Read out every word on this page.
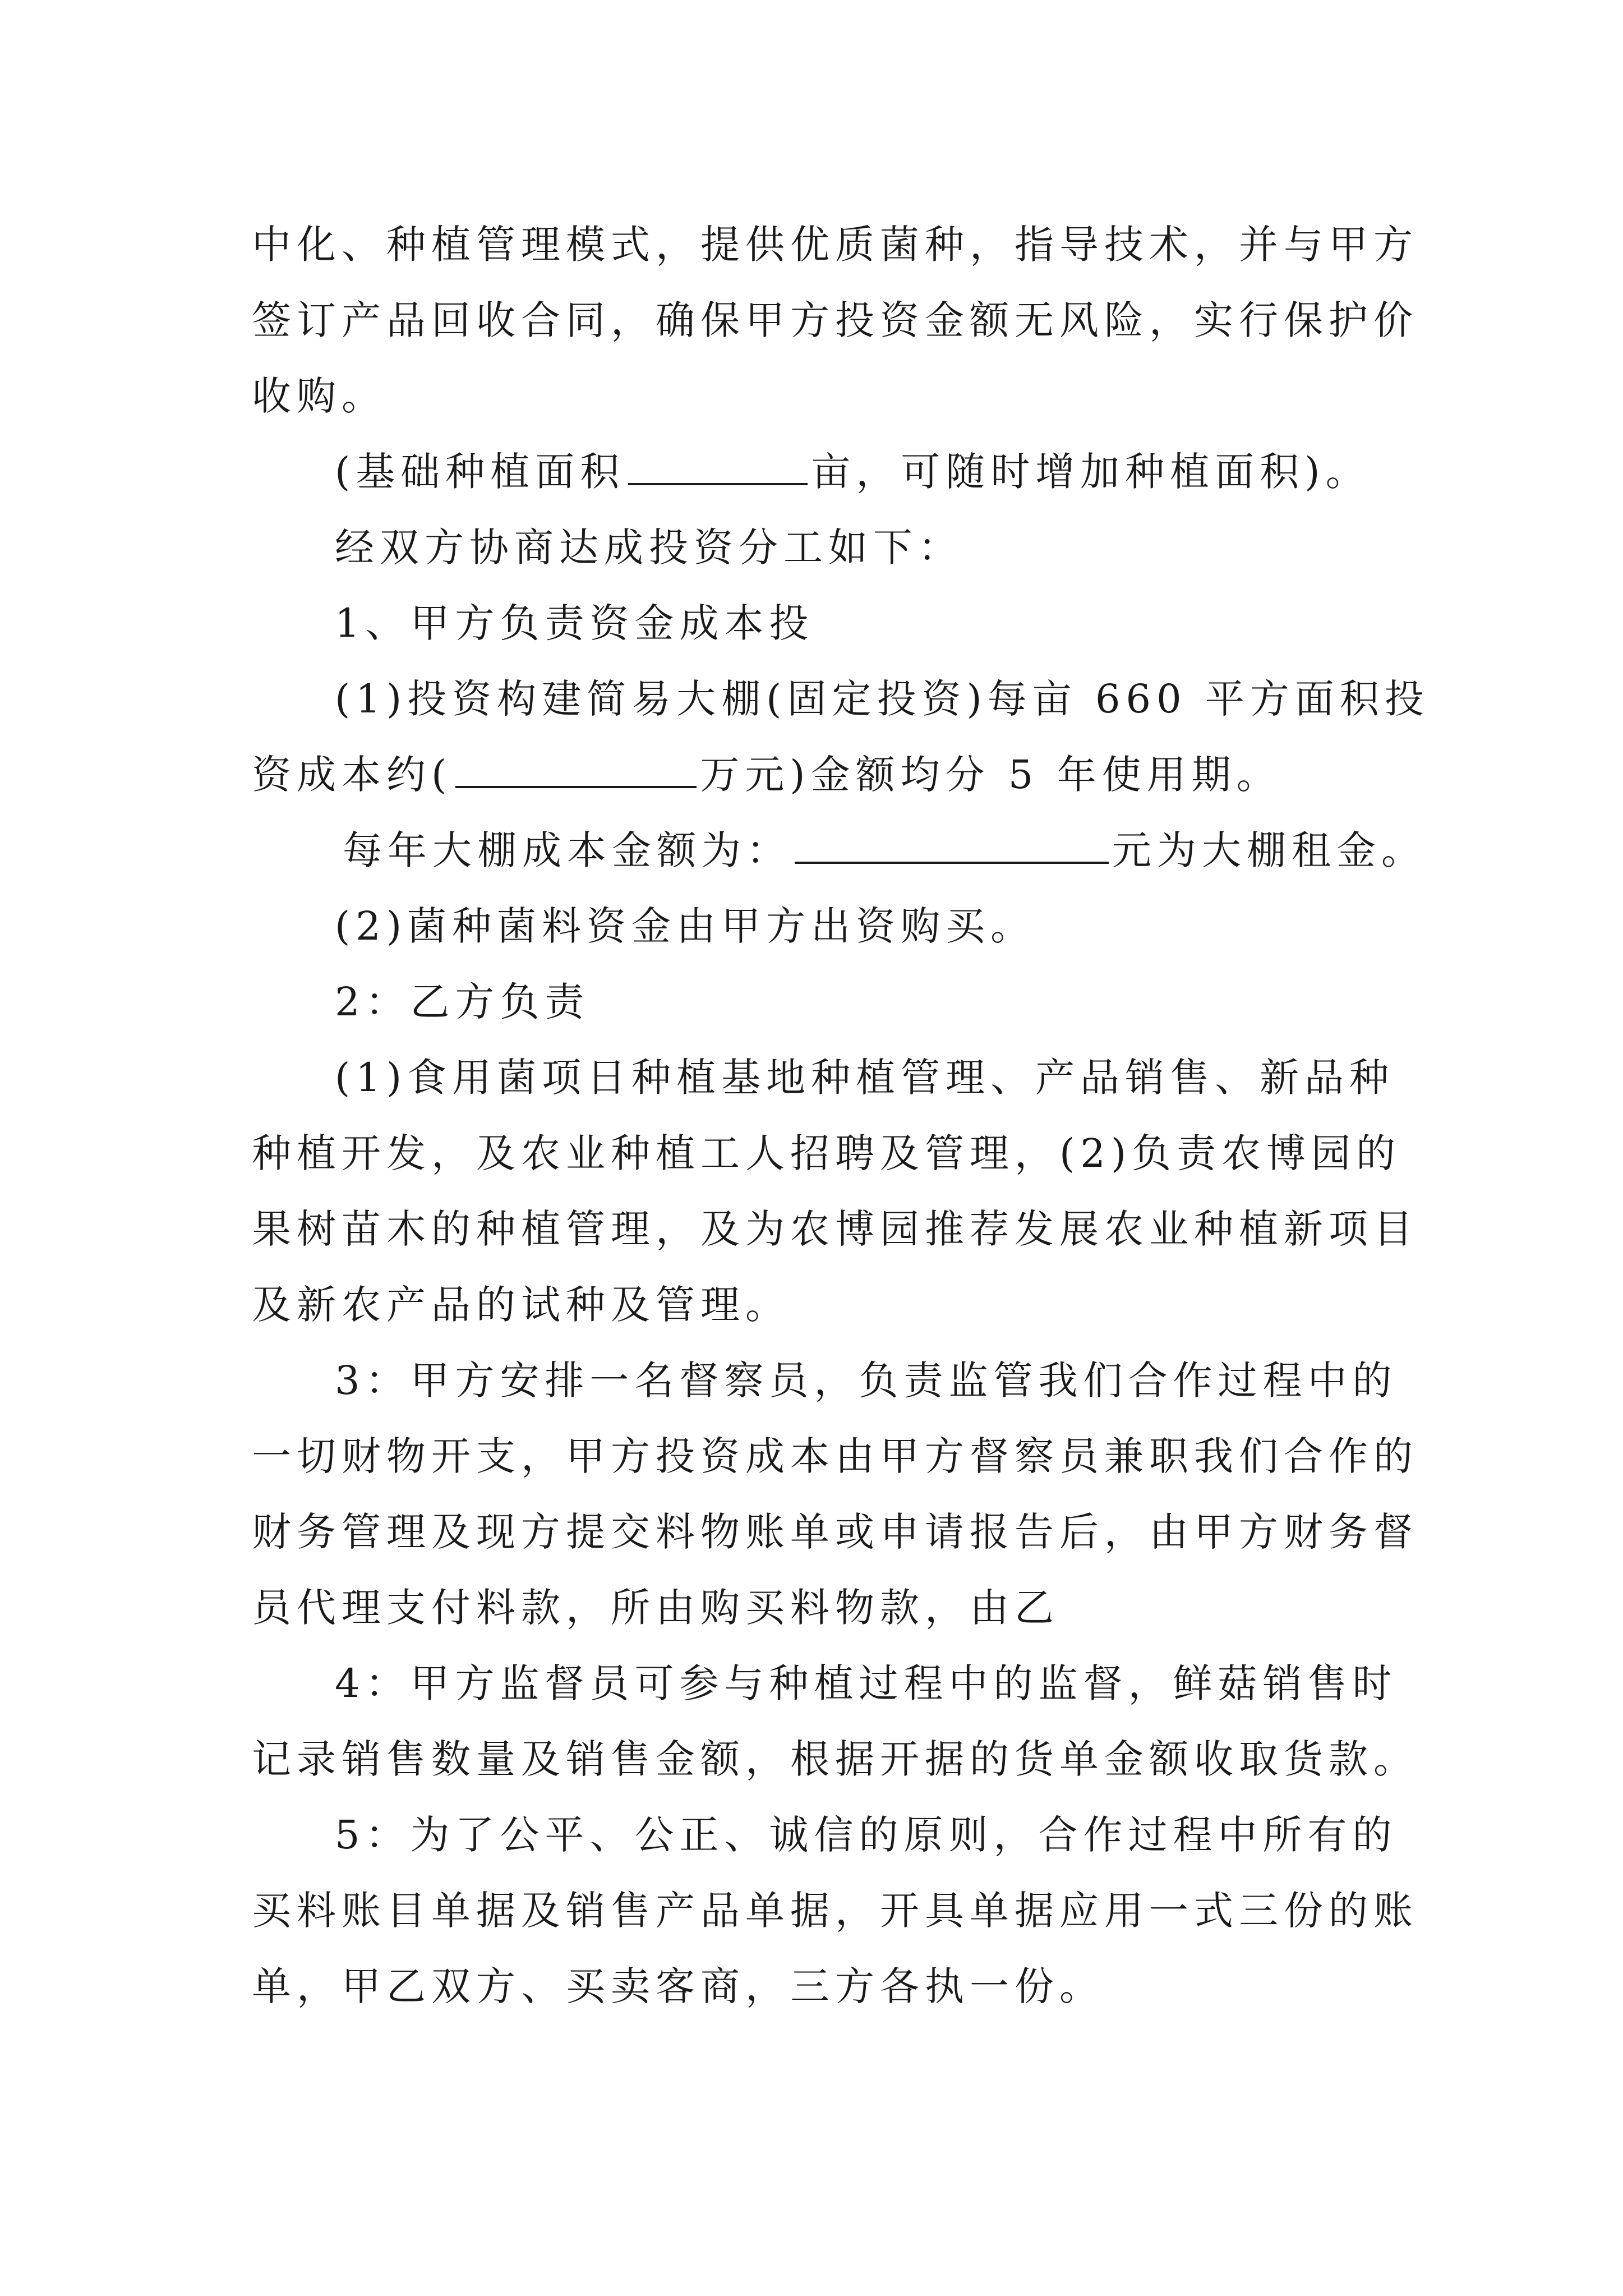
中化、种植管理模式，提供优质菌种，指导技术，并与甲方
签订产品回收合同，确保甲方投资金额无风险，实行保护价
收购。
(基础种植面积	亩，可随时增加种植面积)。
经双方协商达成投资分工如下：
1、甲方负责资金成本投
(1)投资构建简易大棚(固定投资)每亩 660 平方面积投
资成本约(	万元)金额均分 5 年使用期。
每年大棚成本金额为：	元为大棚租金。
(2)菌种菌料资金由甲方出资购买。
2：乙方负责
(1)食用菌项日种植基地种植管理、产品销售、新品种
种植开发，及农业种植工人招聘及管理，(2)负责农博园的
果树苗木的种植管理，及为农博园推荐发展农业种植新项目
及新农产品的试种及管理。
3：甲方安排一名督察员，负责监管我们合作过程中的
一切财物开支，甲方投资成本由甲方督察员兼职我们合作的
财务管理及现方提交料物账单或申请报告后，由甲方财务督
员代理支付料款，所由购买料物款，由乙
4：甲方监督员可参与种植过程中的监督，鲜菇销售时
记录销售数量及销售金额，根据开据的货单金额收取货款。
5：为了公平、公正、诚信的原则，合作过程中所有的
买料账目单据及销售产品单据，开具单据应用一式三份的账
单，甲乙双方、买卖客商，三方各执一份。
